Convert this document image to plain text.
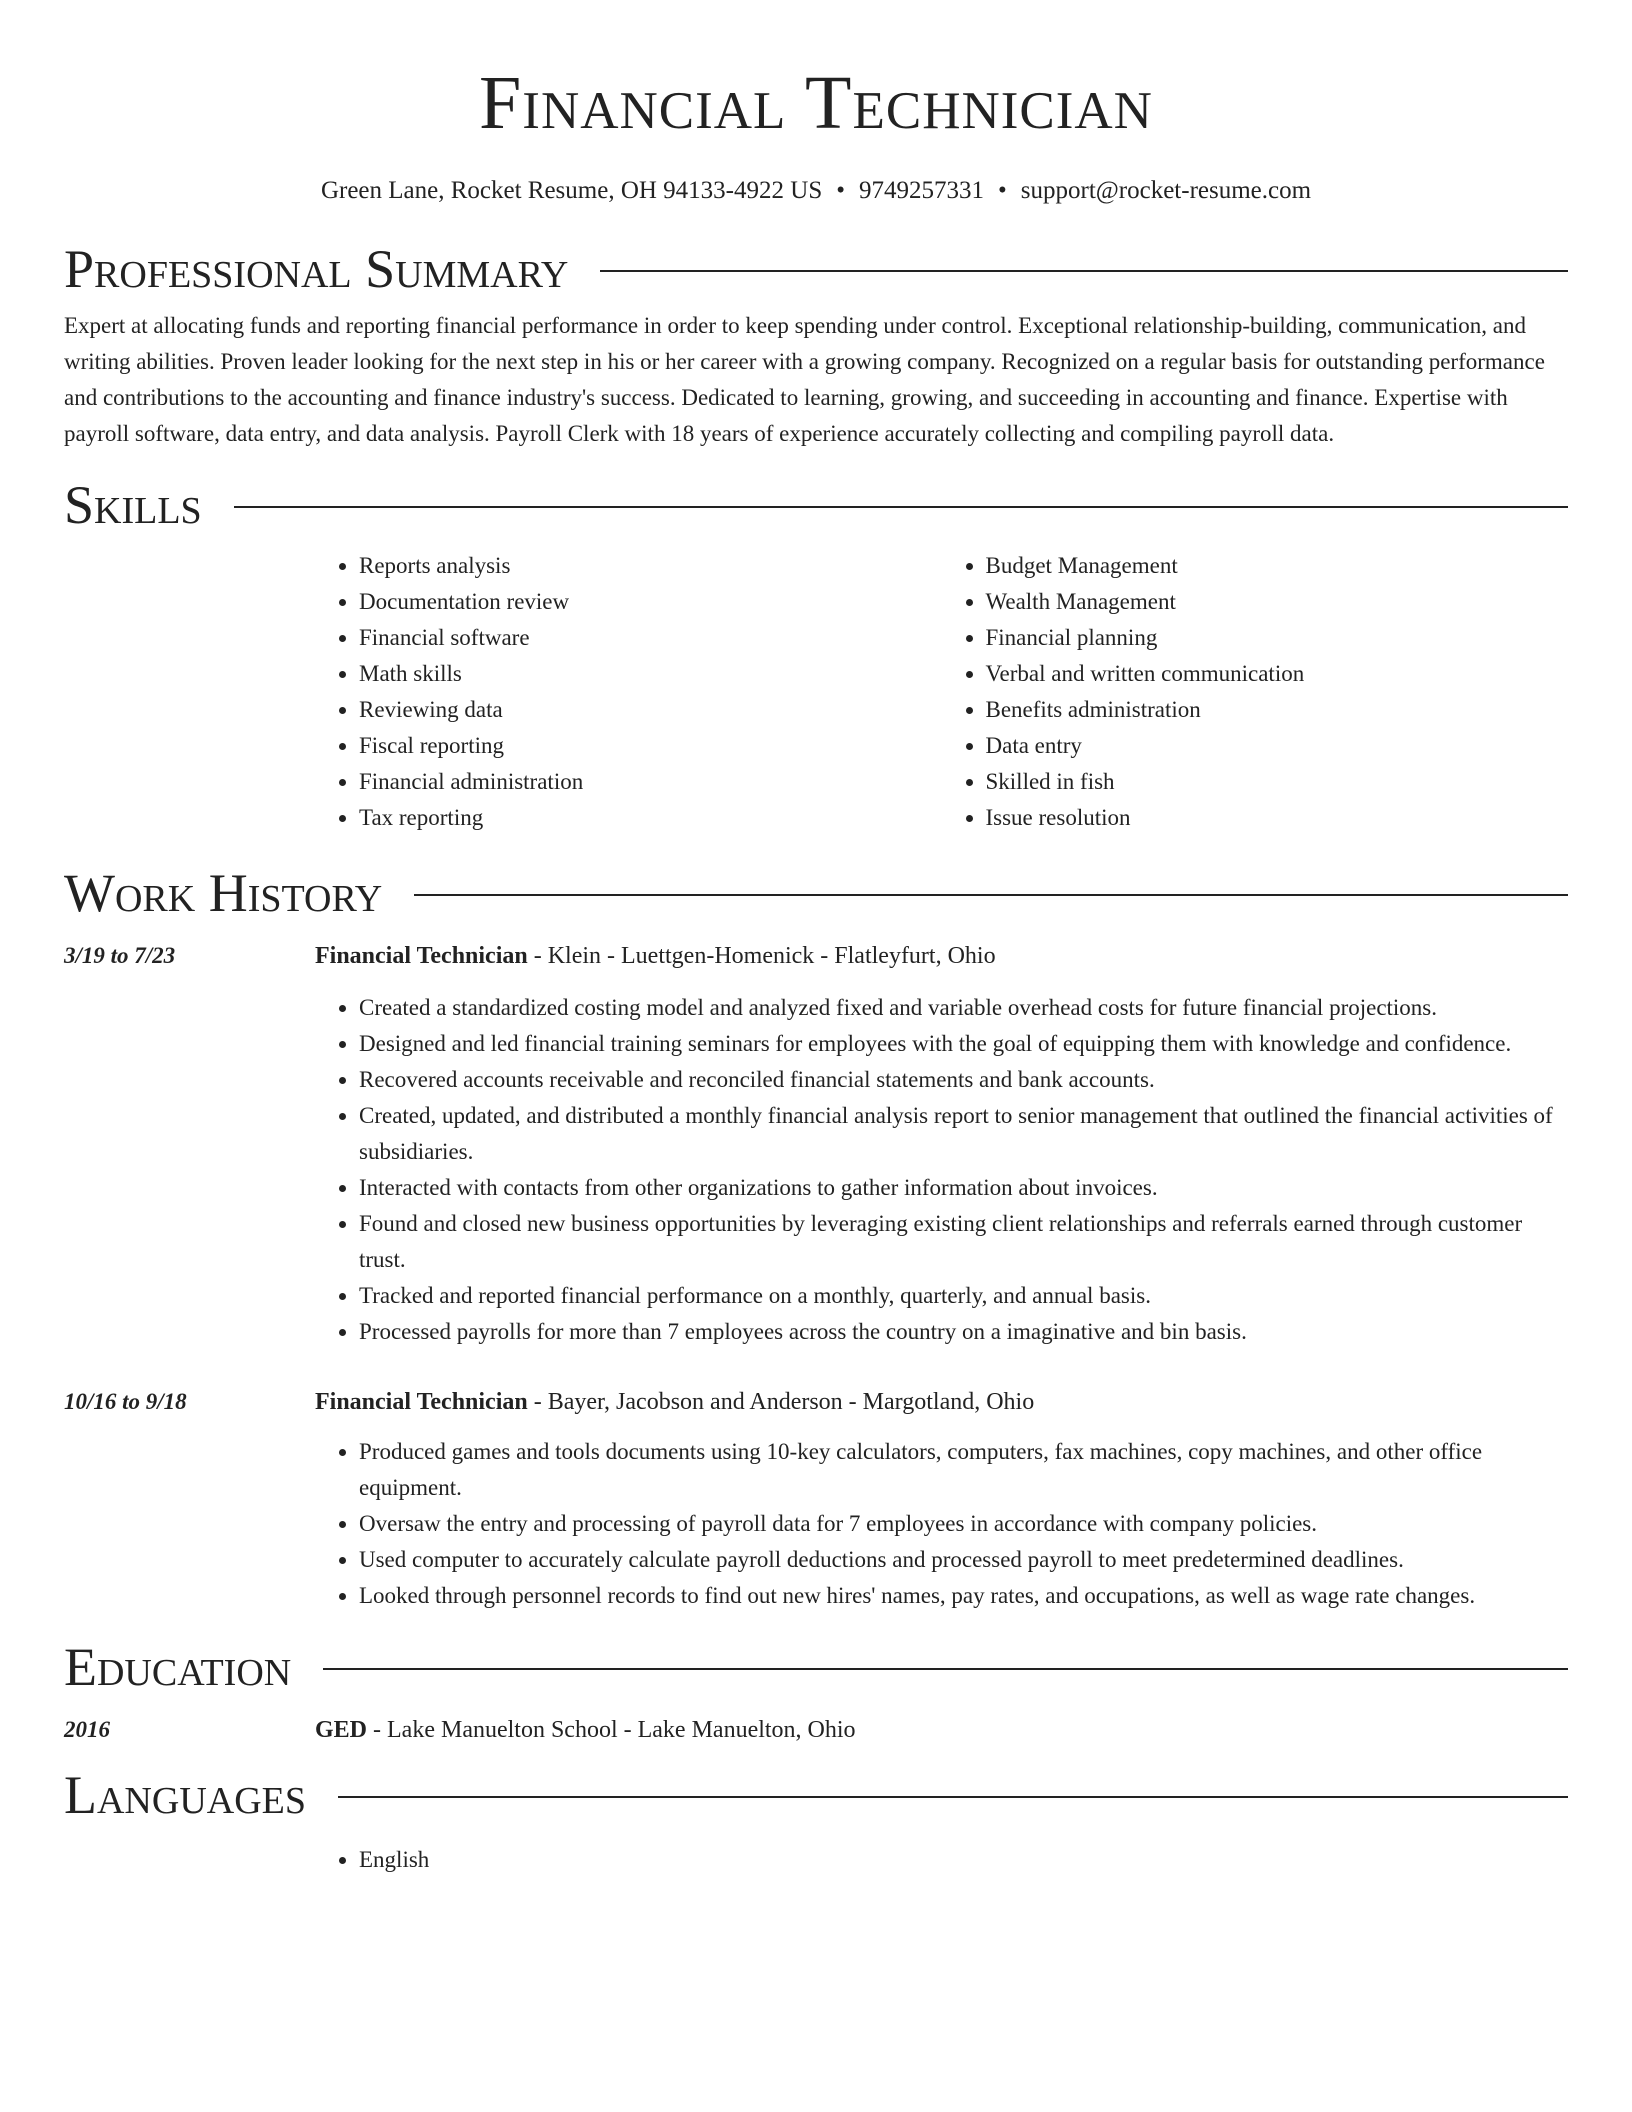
Financial Technician
Green Lane, Rocket Resume, OH 94133-4922 US • 9749257331 • support@rocket-resume.com
Professional Summary

Expert at allocating funds and reporting financial performance in order to keep spending under control. Exceptional relationship-building, communication, and writing abilities. Proven leader looking for the next step in his or her career with a growing company. Recognized on a regular basis for outstanding performance and contributions to the accounting and finance industry's success. Dedicated to learning, growing, and succeeding in accounting and finance. Expertise with payroll software, data entry, and data analysis. Payroll Clerk with 18 years of experience accurately collecting and compiling payroll data.

Skills
• Reports analysis
• Documentation review
• Financial software
• Math skills
• Reviewing data
• Fiscal reporting
• Financial administration
• Tax reporting
• Budget Management
• Wealth Management
• Financial planning
• Verbal and written communication
• Benefits administration
• Data entry
• Skilled in fish
• Issue resolution
Work History
3/19 to 7/23	Financial Technician - Klein - Luettgen-Homenick - Flatleyfurt, Ohio
• Created a standardized costing model and analyzed fixed and variable overhead costs for future financial projections.
• Designed and led financial training seminars for employees with the goal of equipping them with knowledge and confidence.
• Recovered accounts receivable and reconciled financial statements and bank accounts.
• Created, updated, and distributed a monthly financial analysis report to senior management that outlined the financial activities of subsidiaries.
• Interacted with contacts from other organizations to gather information about invoices.
• Found and closed new business opportunities by leveraging existing client relationships and referrals earned through customer trust.
• Tracked and reported financial performance on a monthly, quarterly, and annual basis.
• Processed payrolls for more than 7 employees across the country on a imaginative and bin basis.
10/16 to 9/18	Financial Technician - Bayer, Jacobson and Anderson - Margotland, Ohio
• Produced games and tools documents using 10-key calculators, computers, fax machines, copy machines, and other office equipment.
• Oversaw the entry and processing of payroll data for 7 employees in accordance with company policies.
• Used computer to accurately calculate payroll deductions and processed payroll to meet predetermined deadlines.
• Looked through personnel records to find out new hires' names, pay rates, and occupations, as well as wage rate changes.
Education
2016	GED - Lake Manuelton School - Lake Manuelton, Ohio
Languages
• English
